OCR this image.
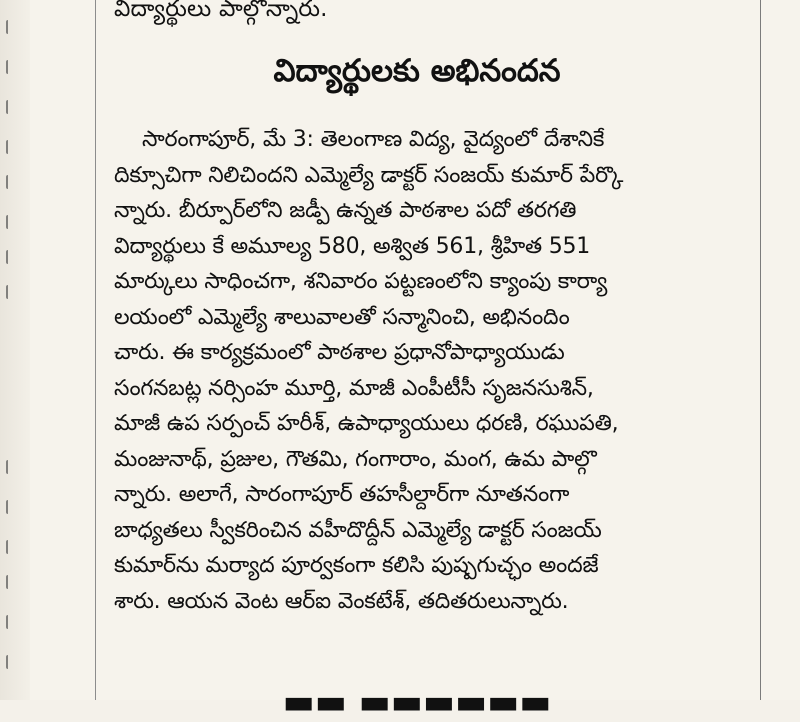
విద్యార్థులు పాల్గొన్నారు.
విద్యార్థులకు అభినందన
సారంగాపూర్, మే 3: తెలంగాణ విద్య, వైద్యంలో దేశానికే
దిక్సూచిగా నిలిచిందని ఎమ్మెల్యే డాక్టర్ సంజయ్ కుమార్ పేర్కొ
న్నారు. బీర్పూర్‌లోని జడ్పీ ఉన్నత పాఠశాల పదో తరగతి
విద్యార్థులు కే అమూల్య 580, అశ్విత 561, శ్రీహిత 551
మార్కులు సాధించగా, శనివారం పట్టణంలోని క్యాంపు కార్యా
లయంలో ఎమ్మెల్యే శాలువాలతో సన్మానించి, అభినందిం
చారు. ఈ కార్యక్రమంలో పాఠశాల ప్రధానోపాధ్యాయుడు
సంగనబట్ల నర్సింహ మూర్తి, మాజీ ఎంపీటీసీ సృజనసుశిన్,
మాజీ ఉప సర్పంచ్ హరీశ్, ఉపాధ్యాయులు ధరణి, రఘుపతి,
మంజునాథ్, ప్రజుల, గౌతమి, గంగారాం, మంగ, ఉమ పాల్గొ
న్నారు. అలాగే, సారంగాపూర్ తహసీల్దార్‌గా నూతనంగా
బాధ్యతలు స్వీకరించిన వహీదొద్దీన్ ఎమ్మెల్యే డాక్టర్ సంజయ్
కుమార్‌ను మర్యాద పూర్వకంగా కలిసి పుష్పగుచ్ఛం అందజే
శారు. ఆయన వెంట ఆర్ఐ వెంకటేశ్, తదితరులున్నారు.
▬▬ ▬▬▬▬▬▬
